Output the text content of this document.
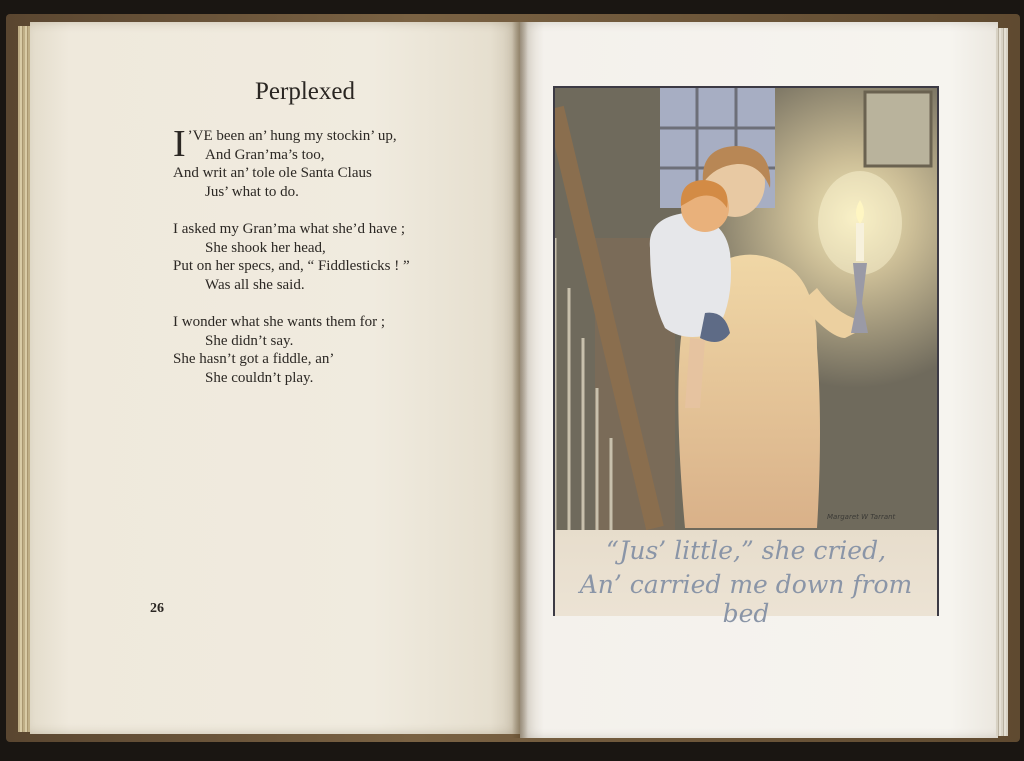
Perplexed
I ’VE been an’ hung my stockin’ up,
And Gran’ma’s too,
And writ an’ tole ole Santa Claus
Jus’ what to do.
I asked my Gran’ma what she’d have ;
She shook her head,
Put on her specs, and, “ Fiddlesticks ! ”
Was all she said.
I wonder what she wants them for ;
She didn’t say.
She hasn’t got a fiddle, an’
She couldn’t play.
26
Margaret W Tarrant
“Jus’ little,” she cried,
An’ carried me down from bed
